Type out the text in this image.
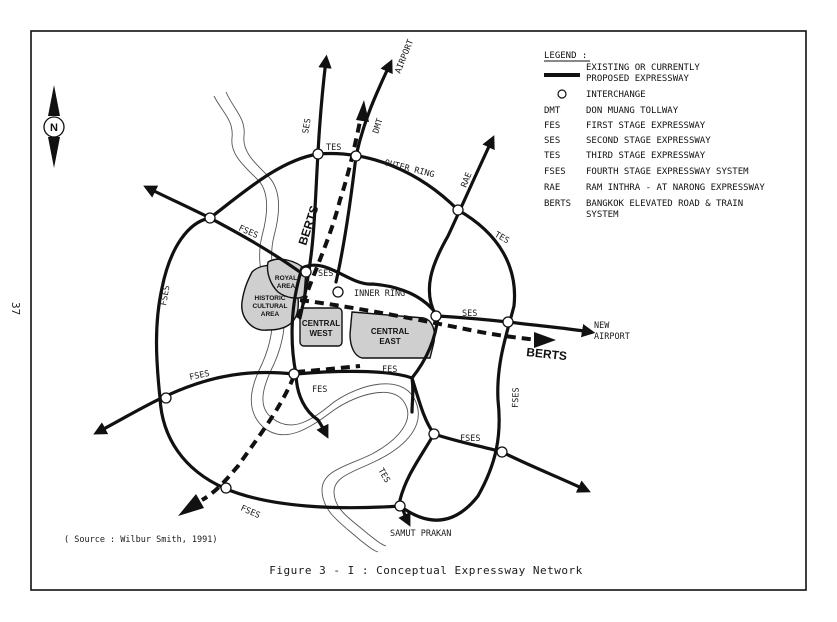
37
N
AIRPORT
DMT
SES
TES
OUTER RING	RAE
TES
FSES	BERTS
SES
INNER RING
SES
BERTS
ROYAL
AREA
HISTORIC
CULTURAL
AREA
CENTRAL
WEST	CENTRAL
EAST
NEW
AIRPORT
FSES
FSES
FES
FES
FSES
FSES
TES
FSES
SAMUT PRAKAN
( Source : Wilbur Smith, 1991)
Figure 3 - I : Conceptual Expressway Network
LEGEND :
EXISTING OR CURRENTLY
PROPOSED EXPRESSWAY
INTERCHANGE
DMT	DON MUANG TOLLWAY
FES	FIRST STAGE EXPRESSWAY
SES	SECOND STAGE EXPRESSWAY
TES	THIRD STAGE EXPRESSWAY
FSES FOURTH STAGE EXPRESSWAY SYSTEM
RAE	RAM INTHRA - AT NARONG EXPRESSWAY
BERTS BANGKOK ELEVATED ROAD & TRAIN
SYSTEM
